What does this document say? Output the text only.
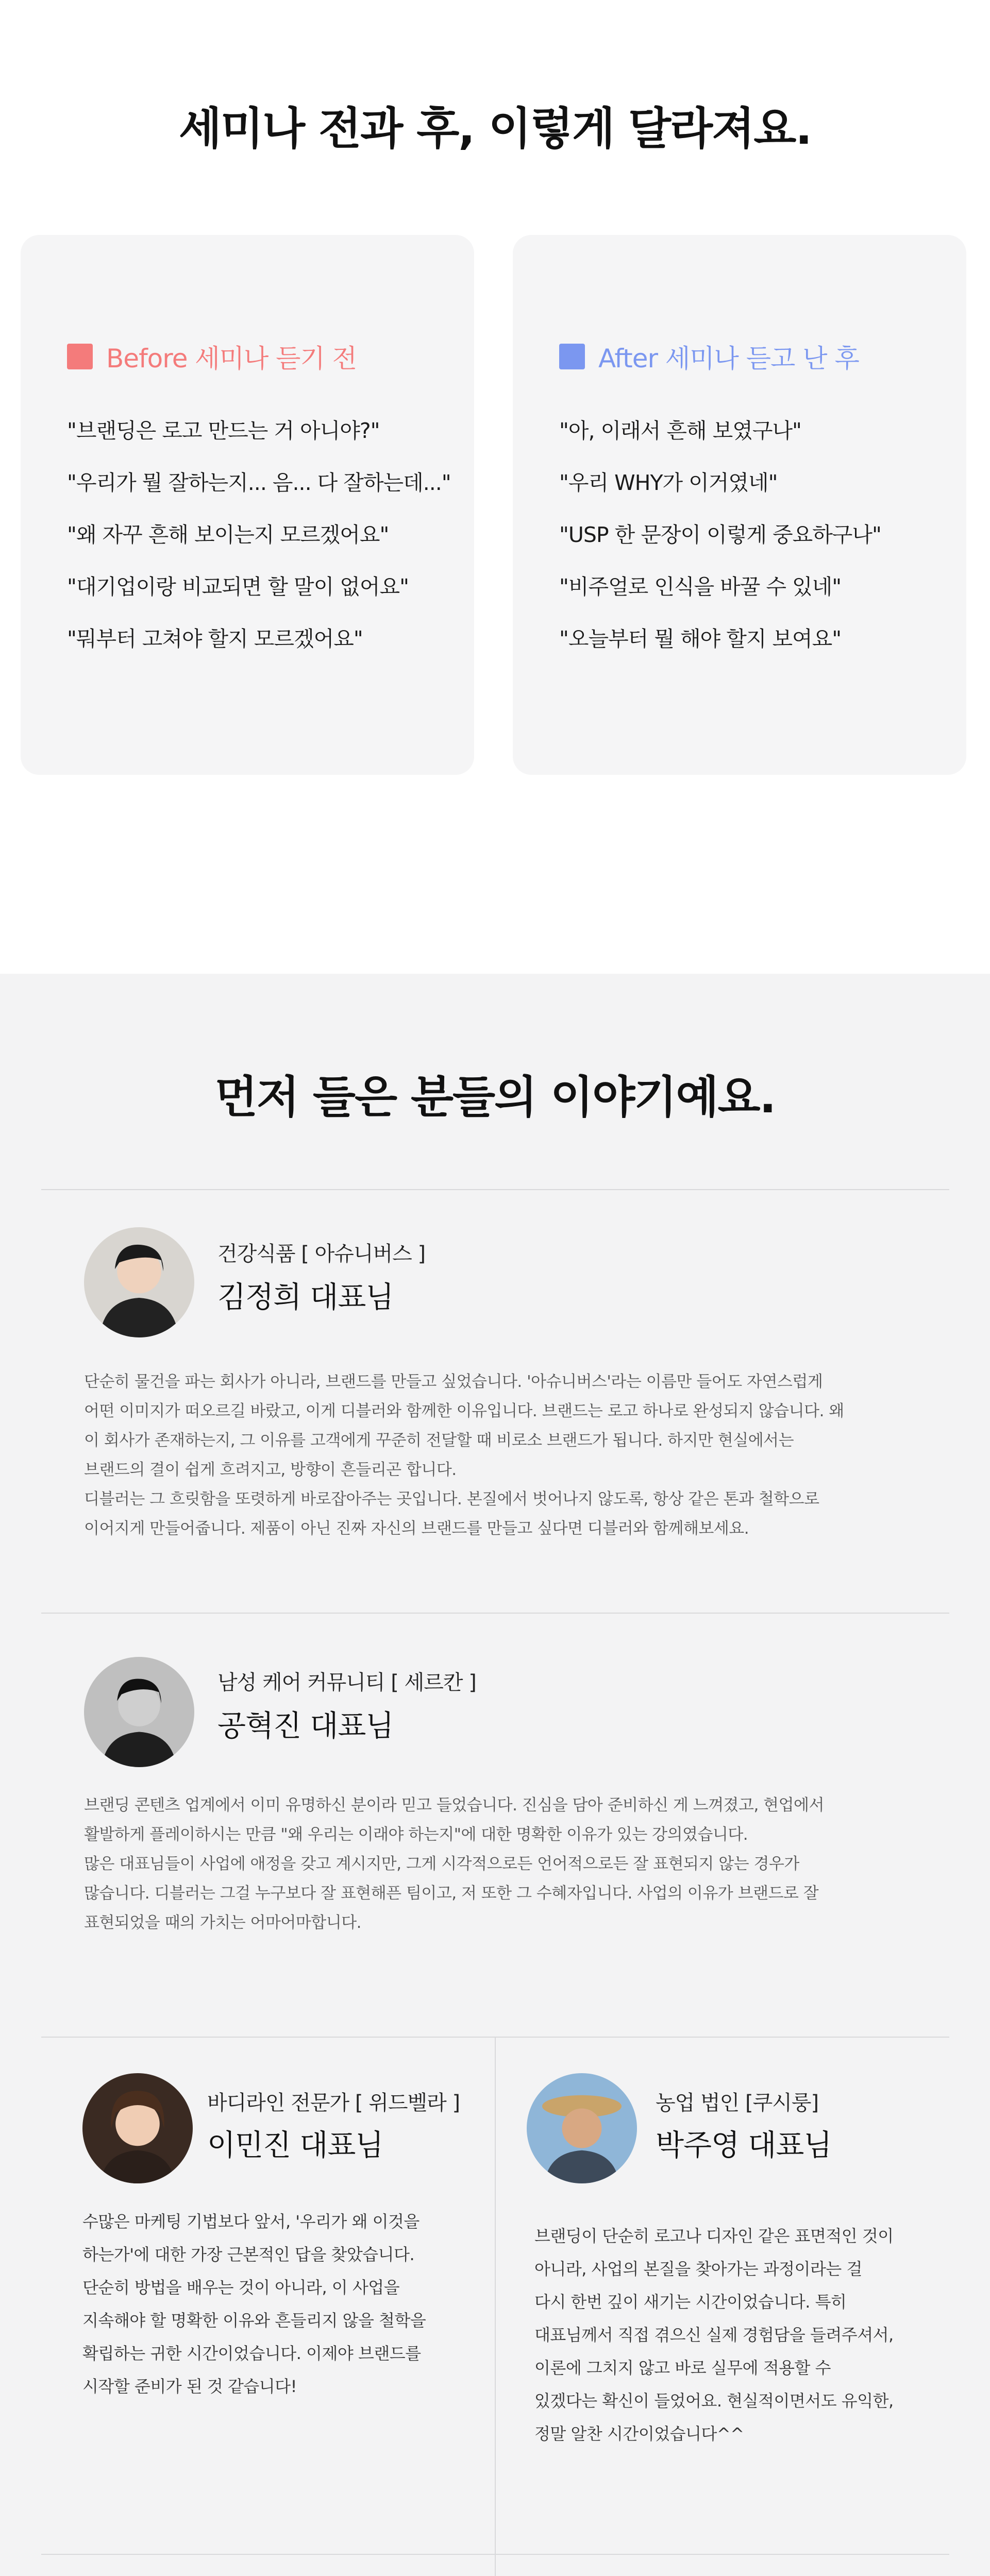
세미나 전과 후, 이렇게 달라져요.
Before 세미나 듣기 전
"브랜딩은 로고 만드는 거 아니야?"
"우리가 뭘 잘하는지... 음... 다 잘하는데..."
"왜 자꾸 흔해 보이는지 모르겠어요"
"대기업이랑 비교되면 할 말이 없어요"
"뭐부터 고쳐야 할지 모르겠어요"
After 세미나 듣고 난 후
"아, 이래서 흔해 보였구나"
"우리 WHY가 이거였네"
"USP 한 문장이 이렇게 중요하구나"
"비주얼로 인식을 바꿀 수 있네"
"오늘부터 뭘 해야 할지 보여요"
먼저 들은 분들의 이야기예요.
건강식품 [ 아슈니버스 ]
김정희 대표님
단순히 물건을 파는 회사가 아니라, 브랜드를 만들고 싶었습니다. '아슈니버스'라는 이름만 들어도 자연스럽게
어떤 이미지가 떠오르길 바랐고, 이게 디블러와 함께한 이유입니다. 브랜드는 로고 하나로 완성되지 않습니다. 왜
이 회사가 존재하는지, 그 이유를 고객에게 꾸준히 전달할 때 비로소 브랜드가 됩니다. 하지만 현실에서는
브랜드의 결이 쉽게 흐려지고, 방향이 흔들리곤 합니다.
디블러는 그 흐릿함을 또렷하게 바로잡아주는 곳입니다. 본질에서 벗어나지 않도록, 항상 같은 톤과 철학으로
이어지게 만들어줍니다. 제품이 아닌 진짜 자신의 브랜드를 만들고 싶다면 디블러와 함께해보세요.
남성 케어 커뮤니티 [ 세르칸 ]
공혁진 대표님
브랜딩 콘텐츠 업계에서 이미 유명하신 분이라 믿고 들었습니다. 진심을 담아 준비하신 게 느껴졌고, 현업에서
활발하게 플레이하시는 만큼 "왜 우리는 이래야 하는지"에 대한 명확한 이유가 있는 강의였습니다.
많은 대표님들이 사업에 애정을 갖고 계시지만, 그게 시각적으로든 언어적으로든 잘 표현되지 않는 경우가
많습니다. 디블러는 그걸 누구보다 잘 표현해픈 팀이고, 저 또한 그 수혜자입니다. 사업의 이유가 브랜드로 잘
표현되었을 때의 가치는 어마어마합니다.
바디라인 전문가 [ 위드벨라 ]
이민진 대표님
수많은 마케팅 기법보다 앞서, '우리가 왜 이것을
하는가'에 대한 가장 근본적인 답을 찾았습니다.
단순히 방법을 배우는 것이 아니라, 이 사업을
지속해야 할 명확한 이유와 흔들리지 않을 철학을
확립하는 귀한 시간이었습니다. 이제야 브랜드를
시작할 준비가 된 것 같습니다!
농업 법인 [쿠시룽]
박주영 대표님
브랜딩이 단순히 로고나 디자인 같은 표면적인 것이
아니라, 사업의 본질을 찾아가는 과정이라는 걸
다시 한번 깊이 새기는 시간이었습니다. 특히
대표님께서 직접 겪으신 실제 경험담을 들려주셔서,
이론에 그치지 않고 바로 실무에 적용할 수
있겠다는 확신이 들었어요. 현실적이면서도 유익한,
정말 알찬 시간이었습니다^^
